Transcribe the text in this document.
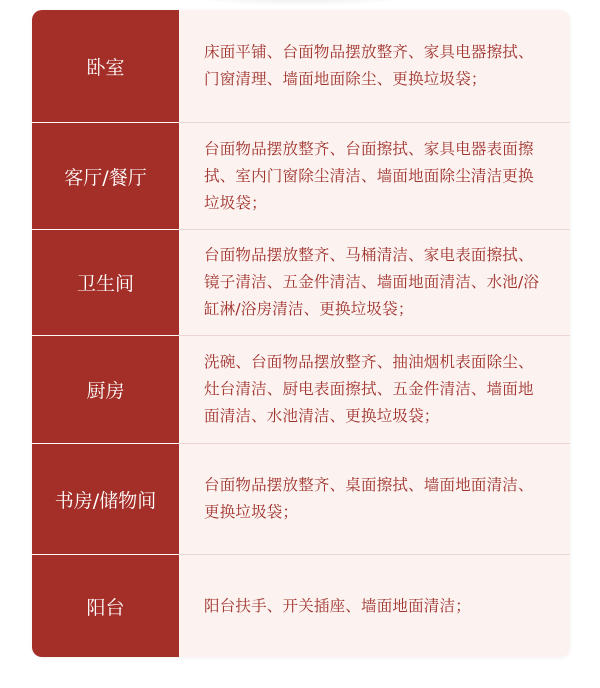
卧室
床面平铺、台面物品摆放整齐、家具电器擦拭、门窗清理、墙面地面除尘、更换垃圾袋；
客厅/餐厅
台面物品摆放整齐、台面擦拭、家具电器表面擦拭、室内门窗除尘清洁、墙面地面除尘清洁更换垃圾袋；
卫生间
台面物品摆放整齐、马桶清洁、家电表面擦拭、镜子清洁、五金件清洁、墙面地面清洁、水池/浴缸淋/浴房清洁、更换垃圾袋；
厨房
洗碗、台面物品摆放整齐、抽油烟机表面除尘、灶台清洁、厨电表面擦拭、五金件清洁、墙面地面清洁、水池清洁、更换垃圾袋；
书房/储物间
台面物品摆放整齐、桌面擦拭、墙面地面清洁、更换垃圾袋；
阳台	阳台扶手、开关插座、墙面地面清洁；
